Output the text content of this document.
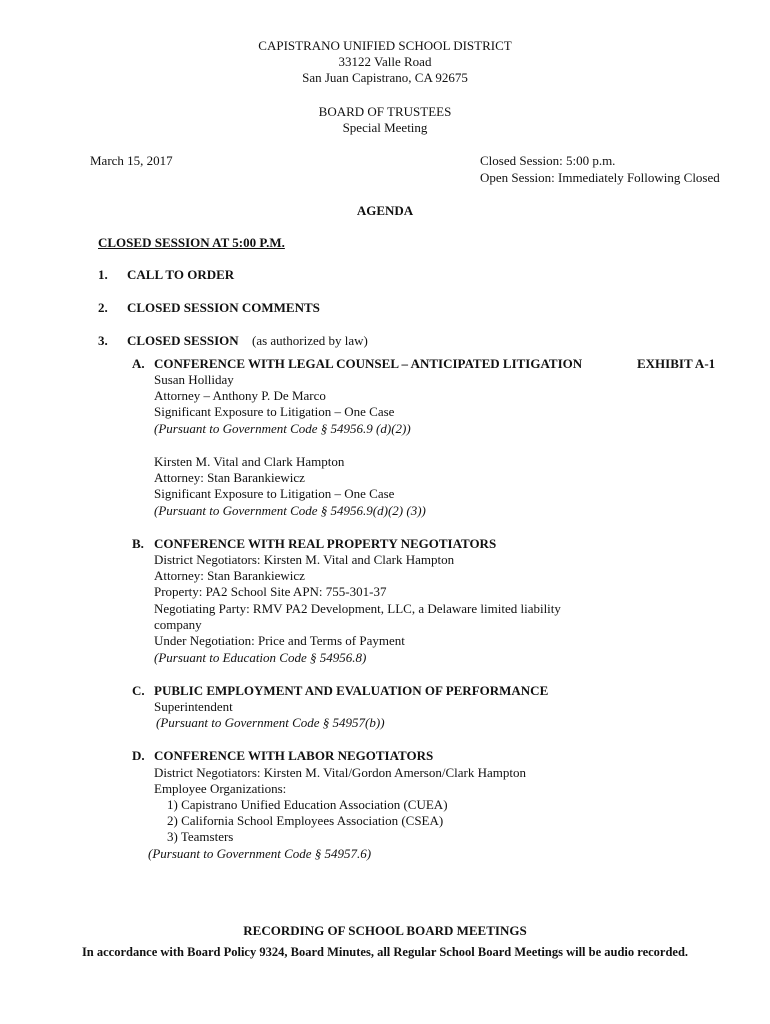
CAPISTRANO UNIFIED SCHOOL DISTRICT
33122 Valle Road
San Juan Capistrano, CA 92675
BOARD OF TRUSTEES
Special Meeting
March 15, 2017	Closed Session: 5:00 p.m.
Open Session: Immediately Following Closed
AGENDA
CLOSED SESSION AT 5:00 P.M.
1. CALL TO ORDER
2. CLOSED SESSION COMMENTS
3. CLOSED SESSION (as authorized by law)
A. CONFERENCE WITH LEGAL COUNSEL – ANTICIPATED LITIGATION	EXHIBIT A-1
Susan Holliday
Attorney – Anthony P. De Marco
Significant Exposure to Litigation – One Case
(Pursuant to Government Code § 54956.9 (d)(2))
Kirsten M. Vital and Clark Hampton
Attorney: Stan Barankiewicz
Significant Exposure to Litigation – One Case
(Pursuant to Government Code § 54956.9(d)(2) (3))
B. CONFERENCE WITH REAL PROPERTY NEGOTIATORS
District Negotiators: Kirsten M. Vital and Clark Hampton
Attorney: Stan Barankiewicz
Property: PA2 School Site APN: 755-301-37
Negotiating Party: RMV PA2 Development, LLC, a Delaware limited liability
company
Under Negotiation: Price and Terms of Payment
(Pursuant to Education Code § 54956.8)
C. PUBLIC EMPLOYMENT AND EVALUATION OF PERFORMANCE
Superintendent
(Pursuant to Government Code § 54957(b))
D. CONFERENCE WITH LABOR NEGOTIATORS
District Negotiators: Kirsten M. Vital/Gordon Amerson/Clark Hampton
Employee Organizations:
1) Capistrano Unified Education Association (CUEA)
2) California School Employees Association (CSEA)
3) Teamsters
(Pursuant to Government Code § 54957.6)
RECORDING OF SCHOOL BOARD MEETINGS
In accordance with Board Policy 9324, Board Minutes, all Regular School Board Meetings will be audio recorded.
